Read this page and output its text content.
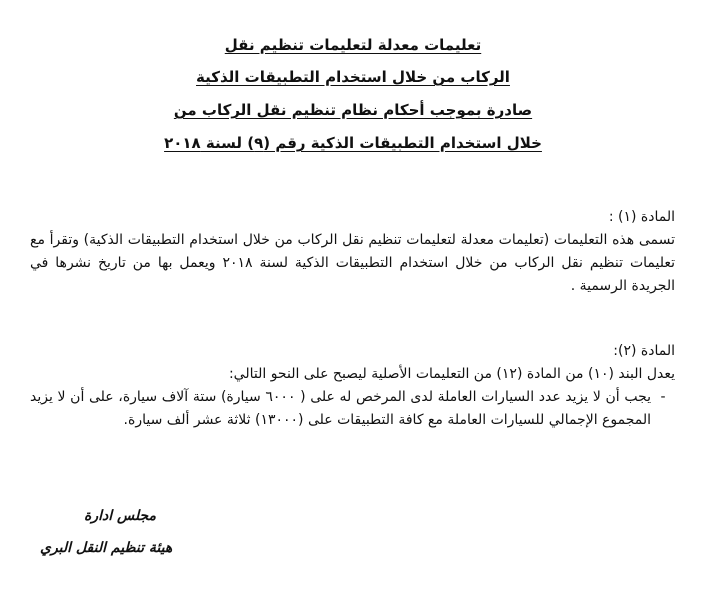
تعليمات معدلة لتعليمات تنظيم نقل
الركاب من خلال استخدام التطبيقات الذكية
صادرة بموجب أحكام نظام تنظيم نقل الركاب من
خلال استخدام التطبيقات الذكية رقم (٩) لسنة ٢٠١٨
المادة (١) :
تسمى هذه التعليمات (تعليمات معدلة لتعليمات تنظيم نقل الركاب من خلال استخدام التطبيقات الذكية) وتقرأ مع تعليمات تنظيم نقل الركاب من خلال استخدام التطبيقات الذكية لسنة ٢٠١٨ ويعمل بها من تاريخ نشرها في الجريدة الرسمية .
المادة (٢):
يعدل البند (١٠) من المادة (١٢) من التعليمات الأصلية ليصبح على النحو التالي:
-
يجب أن لا يزيد عدد السيارات العاملة لدى المرخص له على ( ٦٠٠٠ سيارة) ستة آلاف سيارة، على أن لا يزيد المجموع الإجمالي للسيارات العاملة مع كافة التطبيقات على (١٣٠٠٠) ثلاثة عشر ألف سيارة.
مجلس ادارة
هيئة تنظيم النقل البري
